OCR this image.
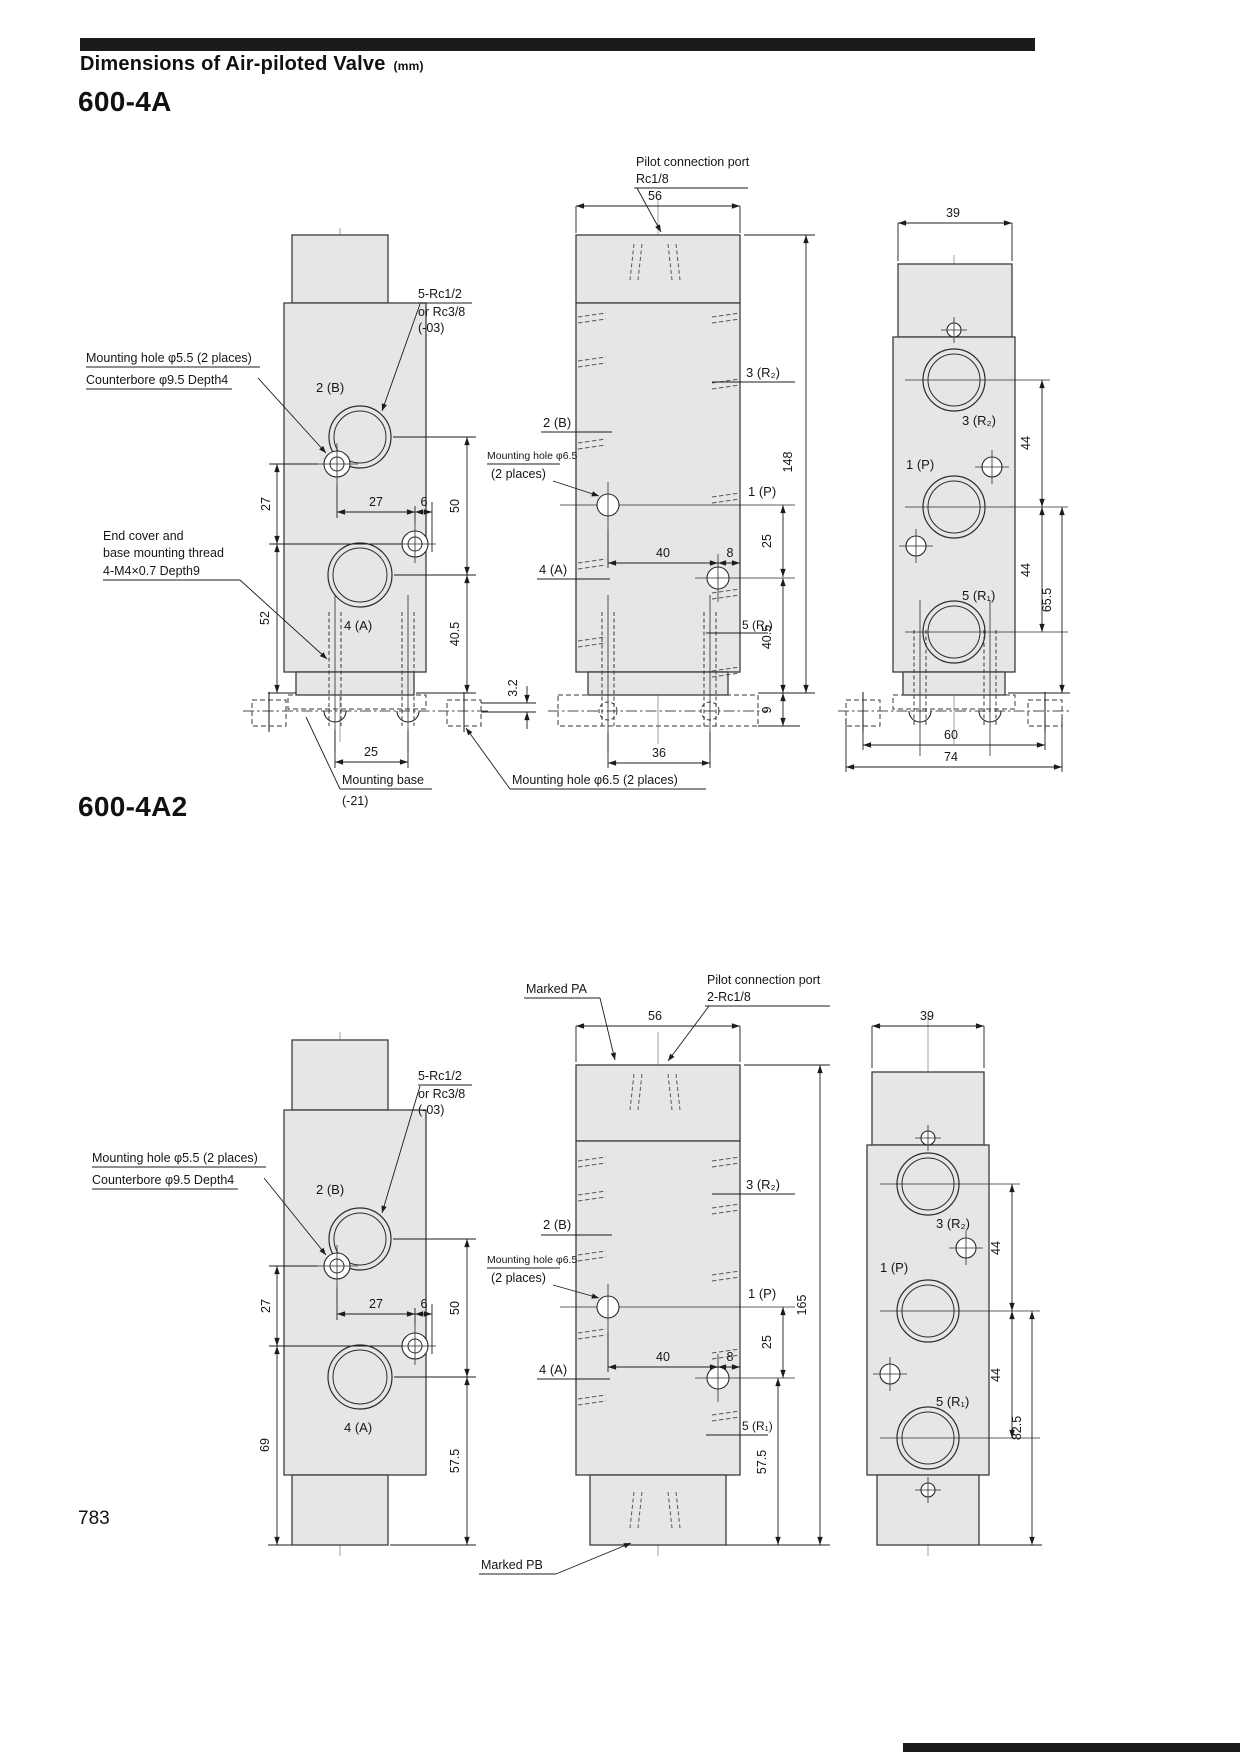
Dimensions of Air-piloted Valve (mm)
600-4A
600-4A2
Mounting hole φ5.5 (2 places)
Counterbore φ9.5 Depth4	2 (B)
5-Rc1/2
or Rc3/8
(-03)
End cover and
base mounting thread
4-M4×0.7 Depth9
4 (A)
Mounting base
(-21)
27	27	6 50
52
40.5
3.2
25
Pilot connection port
Rc1/8
56
3 (R₂)
2 (B)
Mounting hole φ6.5
(2 places)
1 (P)
148
25
40	8
4 (A)
5 (R₁)
40.5
9
36
Mounting hole φ6.5 (2 places)
39
3 (R₂)
1 (P)
5 (R₁)
44
44
65.5
60
74
Mounting hole φ5.5 (2 places)
Counterbore φ9.5 Depth4
2 (B)
5-Rc1/2
or Rc3/8
(-03)
4 (A)
27	27	6 50
57.5
69
Marked PA
Pilot connection port
2-Rc1/8
56
3 (R₂)
2 (B)
Mounting hole φ6.5
(2 places)
1 (P)
165
25
40	8
4 (A)
5 (R₁)
57.5
Marked PB
39
3 (R₂)
1 (P)
5 (R₁)
44
44
82.5
783
